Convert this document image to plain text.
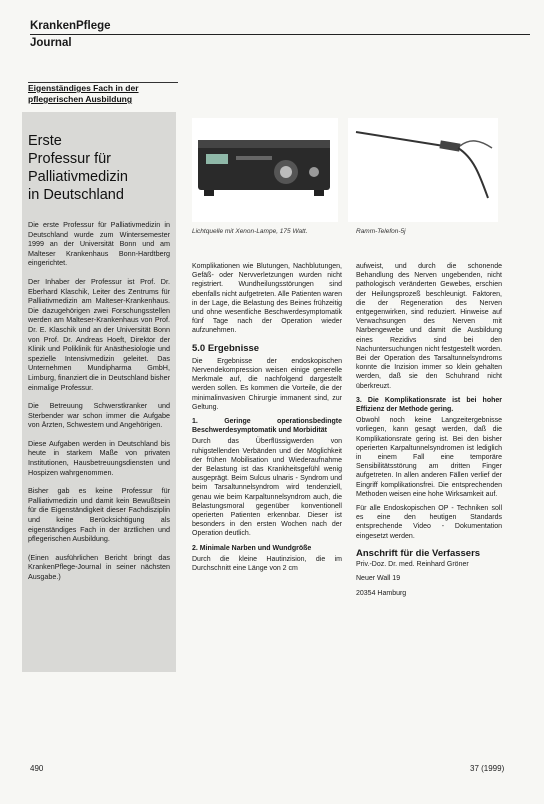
KrankenPflege
Journal
Eigenständiges Fach in der
pflegerischen Ausbildung
Erste
Professur für
Palliativmedizin
in Deutschland

Die erste Professur für Palliativmedizin in Deutschland wurde zum Wintersemester 1999 an der Universität Bonn und am Malteser Krankenhaus Bonn-Hardtberg eingerichtet.

Der Inhaber der Professur ist Prof. Dr. Eberhard Klaschik, Leiter des Zentrums für Palliativmedizin am Malteser-Krankenhaus. Die dazugehörigen zwei Forschungsstellen werden am Malteser-Krankenhaus von Prof. Dr. E. Klaschik und an der Universität Bonn von Prof. Dr. Andreas Hoeft, Direktor der Klinik und Poliklinik für Anästhesiologie und spezielle Intensivmedizin geleitet. Das Unternehmen Mundipharma GmbH, Limburg, finanziert die in Deutschland bisher einmalige Professur.

Die Betreuung Schwerstkranker und Sterbender war schon immer die Aufgabe von Ärzten, Schwestern und Angehörigen.

Diese Aufgaben werden in Deutschland bis heute in starkem Maße von privaten Institutionen, Hausbetreuungsdiensten und Hospizen wahrgenommen.

Bisher gab es keine Professur für Palliativmedizin und damit kein Bewußtsein für die Eigenständigkeit dieser Fachdisziplin und keine Berücksichtigung als eigenständiges Fach in der ärztlichen und pflegerischen Ausbildung.

(Einen ausführlichen Bericht bringt das KrankenPflege-Journal in seiner nächsten Ausgabe.)

Lichtquelle mit Xenon-Lampe, 175 Watt.	Ramm-Telefon-5j

Komplikationen wie Blutungen, Nachblutungen, Gefäß- oder Nervverletzungen wurden nicht registriert. Wundheilungsstörungen sind ebenfalls nicht aufgetreten. Alle Patienten waren in der Lage, die Belastung des Beines frühzeitig und ohne wesentliche Beschwerdesymptomatik fünf Tage nach der Operation wieder aufzunehmen.

5.0 Ergebnisse

Die Ergebnisse der endoskopischen Nervendekompression weisen einige generelle Merkmale auf, die nachfolgend dargestellt werden sollen. Es kommen die Vorteile, die der minimalinvasiven Chirurgie immanent sind, zur Geltung.

1. Geringe operationsbedingte Beschwerdesymptomatik und Morbidität

Durch das Überflüssigwerden von ruhigstellenden Verbänden und der Möglichkeit der frühen Mobilisation und Wiederaufnahme der Belastung ist das Krankheitsgefühl wenig ausgeprägt. Beim Sulcus ulnaris - Syndrom und beim Tarsaltunnelsyndrom wird tendenziell, genau wie beim Karpaltunnelsyndrom auch, die Belastungsmoral gegenüber konventionell operierten Patienten erkennbar. Dieser ist besonders in den ersten Wochen nach der Operation deutlich.

2. Minimale Narben und Wundgröße

Durch die kleine Hautinzision, die im Durchschnitt eine Länge von 2 cm

aufweist, und durch die schonende Behandlung des Nerven ungebenden, nicht pathologisch veränderten Gewebes, erschien der Heilungsprozeß beschleunigt. Faktoren, die der Regeneration des Nerven entgegenwirken, sind reduziert. Hinweise auf Verwachsungen des Nerven mit Narbengewebe und damit die Ausbildung eines Rezidivs sind bei den Nachuntersuchungen nicht festgestellt worden. Bei der Operation des Tarsaltunnelsyndroms konnte die Inzision immer so klein gehalten werden, daß sie den Schuhrand nicht überkreuzt.

3. Die Komplikationsrate ist bei hoher Effizienz der Methode gering.

Obwohl noch keine Langzeitergebnisse vorliegen, kann gesagt werden, daß die Komplikationsrate gering ist. Bei den bisher operierten Karpaltunnelsyndromen ist lediglich in einem Fall eine temporäre Sensibilitätsstörung am dritten Finger aufgetreten. In allen anderen Fällen verlief der Eingriff komplikationsfrei. Die entsprechenden Methoden weisen eine hohe Wirksamkeit auf.

Für alle Endoskopischen OP - Techniken soll es eine den heutigen Standards entsprechende Video - Dokumentation eingesetzt werden.

Anschrift für die Verfassers
Priv.-Doz. Dr. med. Reinhard Gröner
Neuer Wall 19
20354 Hamburg
490	37 (1999)
